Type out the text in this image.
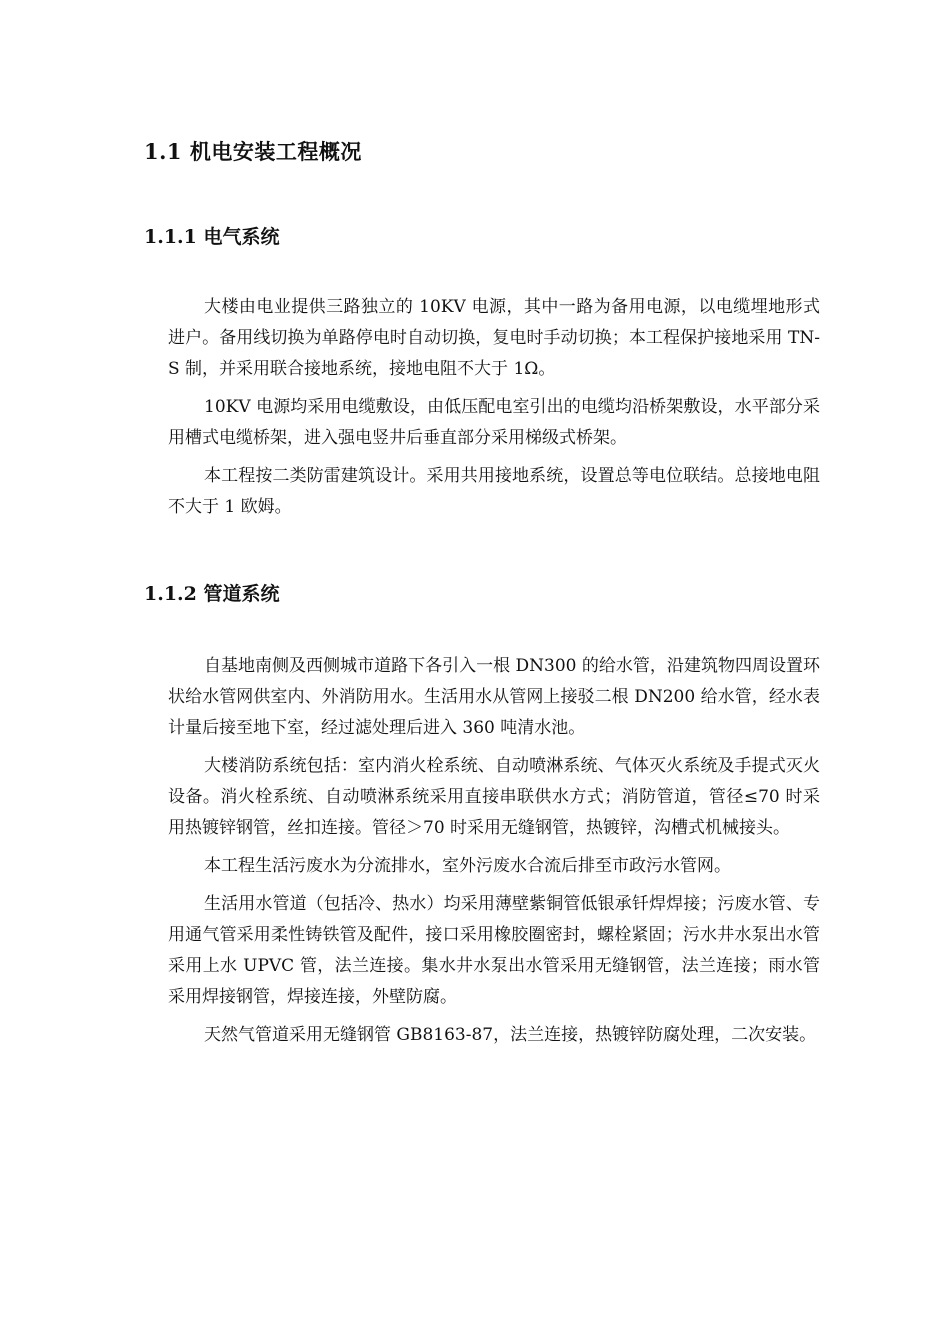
1.1 机电安装工程概况
1.1.1 电气系统

大楼由电业提供三路独立的 10KV 电源，其中一路为备用电源，以电缆埋地形式进户。备用线切换为单路停电时自动切换，复电时手动切换；本工程保护接地采用 TN-S 制，并采用联合接地系统，接地电阻不大于 1Ω。

10KV 电源均采用电缆敷设，由低压配电室引出的电缆均沿桥架敷设，水平部分采用槽式电缆桥架，进入强电竖井后垂直部分采用梯级式桥架。

本工程按二类防雷建筑设计。采用共用接地系统，设置总等电位联结。总接地电阻不大于 1 欧姆。

1.1.2 管道系统

自基地南侧及西侧城市道路下各引入一根 DN300 的给水管，沿建筑物四周设置环状给水管网供室内、外消防用水。生活用水从管网上接驳二根 DN200 给水管，经水表计量后接至地下室，经过滤处理后进入 360 吨清水池。

大楼消防系统包括：室内消火栓系统、自动喷淋系统、气体灭火系统及手提式灭火设备。消火栓系统、自动喷淋系统采用直接串联供水方式；消防管道，管径≤70 时采用热镀锌钢管，丝扣连接。管径＞70 时采用无缝钢管，热镀锌，沟槽式机械接头。

本工程生活污废水为分流排水，室外污废水合流后排至市政污水管网。

生活用水管道（包括冷、热水）均采用薄壁紫铜管低银承钎焊焊接；污废水管、专用通气管采用柔性铸铁管及配件，接口采用橡胶圈密封，螺栓紧固；污水井水泵出水管采用上水 UPVC 管，法兰连接。集水井水泵出水管采用无缝钢管，法兰连接；雨水管采用焊接钢管，焊接连接，外壁防腐。

天然气管道采用无缝钢管 GB8163-87，法兰连接，热镀锌防腐处理，二次安装。
